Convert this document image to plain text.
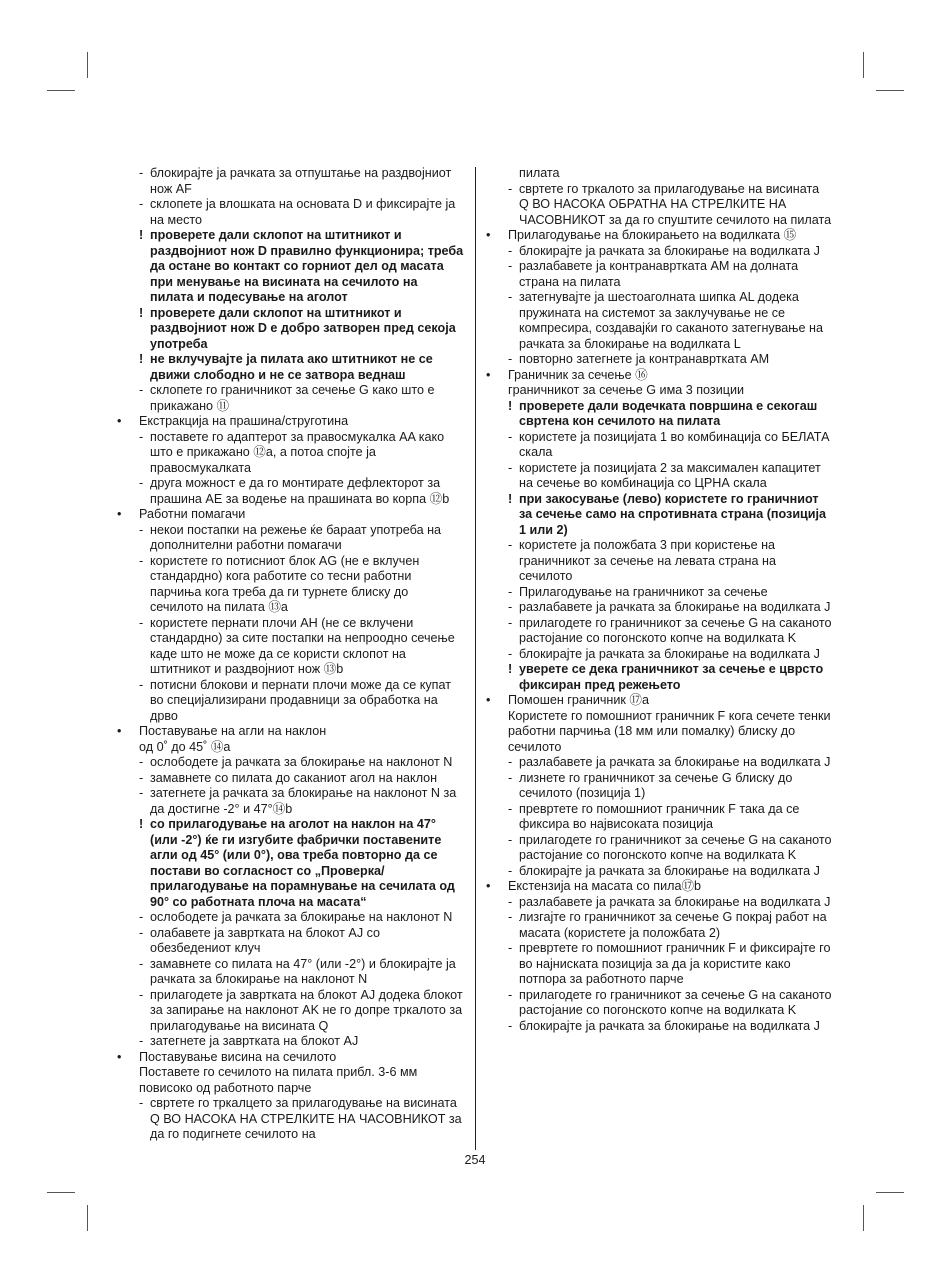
- блокирајте ја рачката за отпуштање на раздвојниот нож AF
- склопете ја влошката на основата D и фиксирајте ја на место
! проверете дали склопот на штитникот и раздвојниот нож D правилно функционира; треба да остане во контакт со горниот дел од масата при менување на висината на сечилото на пилата и подесување на аголот
! проверете дали склопот на штитникот и раздвојниот нож D е добро затворен пред секоја употреба
! не вклучувајте ја пилата ако штитникот не се движи слободно и не се затвора веднаш
- склопете го граничникот за сечење G како што е прикажано ⑪
• Екстракција на прашина/струготина
- поставете го адаптерот за правосмукалка AA како што е прикажано ⑫a, а потоа спојте ја правосмукалката
- друга можност е да го монтирате дефлекторот за прашина AE за водење на прашината во корпа ⑫b
• Работни помагачи
- некои постапки на режење ќе бараат употреба на дополнителни работни помагачи
- користете го потисниот блок AG (не е вклучен стандардно) кога работите со тесни работни парчиња кога треба да ги турнете блиску до сечилото на пилата ⑬a
- користете пернати плочи AH (не се вклучени стандардно) за сите постапки на непроодно сечење каде што не може да се користи склопот на штитникот и раздвојниот нож ⑬b
- потисни блокови и пернати плочи може да се купат во специјализирани продавници за обработка на дрво
• Поставување на агли на наклон
од 0˚ до 45˚ ⑭a
- ослободете ја рачката за блокирање на наклонот N
- замавнете со пилата до саканиот агол на наклон
- затегнете ја рачката за блокирање на наклонот N за да достигне -2° и 47°⑭b
! со прилагодување на аголот на наклон на 47° (или -2°) ќе ги изгубите фабрички поставените агли од 45° (или 0°), ова треба повторно да се постави во согласност со „Проверка/ прилагодување на порамнување на сечилата од 90° со работната плоча на масата“
- ослободете ја рачката за блокирање на наклонот N
- олабавете ја завртката на блокот AJ со обезбедениот клуч
- замавнете со пилата на 47° (или -2°) и блокирајте ја рачката за блокирање на наклонот N
- прилагодете ја завртката на блокот AJ додека блокот за запирање на наклонот AK не го допре тркалото за прилагодување на висината Q
- затегнете ја завртката на блокот AJ
• Поставување висина на сечилото
Поставете го сечилото на пилата прибл. 3-6 мм повисоко од работното парче
- свртете го тркалцето за прилагодување на висината Q ВО НАСОКА НА СТРЕЛКИТЕ НА ЧАСОВНИКОТ за да го подигнете сечилото на
пилата
- свртете го тркалото за прилагодување на висината Q ВО НАСОКА ОБРАТНА НА СТРЕЛКИТЕ НА ЧАСОВНИКОТ за да го спуштите сечилото на пилата
• Прилагодување на блокирањето на водилката ⑮
- блокирајте ја рачката за блокирање на водилката J
- разлабавете ја контранавртката AM на долната страна на пилата
- затегнувајте ја шестоаголната шипка AL додека пружината на системот за заклучување не се компресира, создавајќи го саканото затегнување на рачката за блокирање на водилката L
- повторно затегнете ја контранавртката AM
• Граничник за сечење ⑯
граничникот за сечење G има 3 позиции
! проверете дали водечката површина е секогаш свртена кон сечилото на пилата
- користете ја позицијата 1 во комбинација со БЕЛАТА скала
- користете ја позицијата 2 за максимален капацитет на сечење во комбинација со ЦРНА скала
! при закосување (лево) користете го граничниот за сечење само на спротивната страна (позиција 1 или 2)
- користете ја положбата 3 при користење на граничникот за сечење на левата страна на сечилото
- Прилагодување на граничникот за сечење
- разлабавете ја рачката за блокирање на водилката J
- прилагодете го граничникот за сечење G на саканото растојание со погонското копче на водилката K
- блокирајте ја рачката за блокирање на водилката J
! уверете се дека граничникот за сечење е цврсто фиксиран пред режењето
• Помошен граничник ⑰a
Користете го помошниот граничник F кога сечете тенки работни парчиња (18 мм или помалку) блиску до сечилото
- разлабавете ја рачката за блокирање на водилката J
- лизнете го граничникот за сечење G блиску до сечилото (позиција 1)
- превртете го помошниот граничник F така да се фиксира во највисоката позиција
- прилагодете го граничникот за сечење G на саканото растојание со погонското копче на водилката K
- блокирајте ја рачката за блокирање на водилката J
• Екстензија на масата со пила⑰b
- разлабавете ја рачката за блокирање на водилката J
- лизгајте го граничникот за сечење G покрај работ на масата (користете ја положбата 2)
- превртете го помошниот граничник F и фиксирајте го во најниската позиција за да ја користите како потпора за работното парче
- прилагодете го граничникот за сечење G на саканото растојание со погонското копче на водилката K
- блокирајте ја рачката за блокирање на водилката J
254
